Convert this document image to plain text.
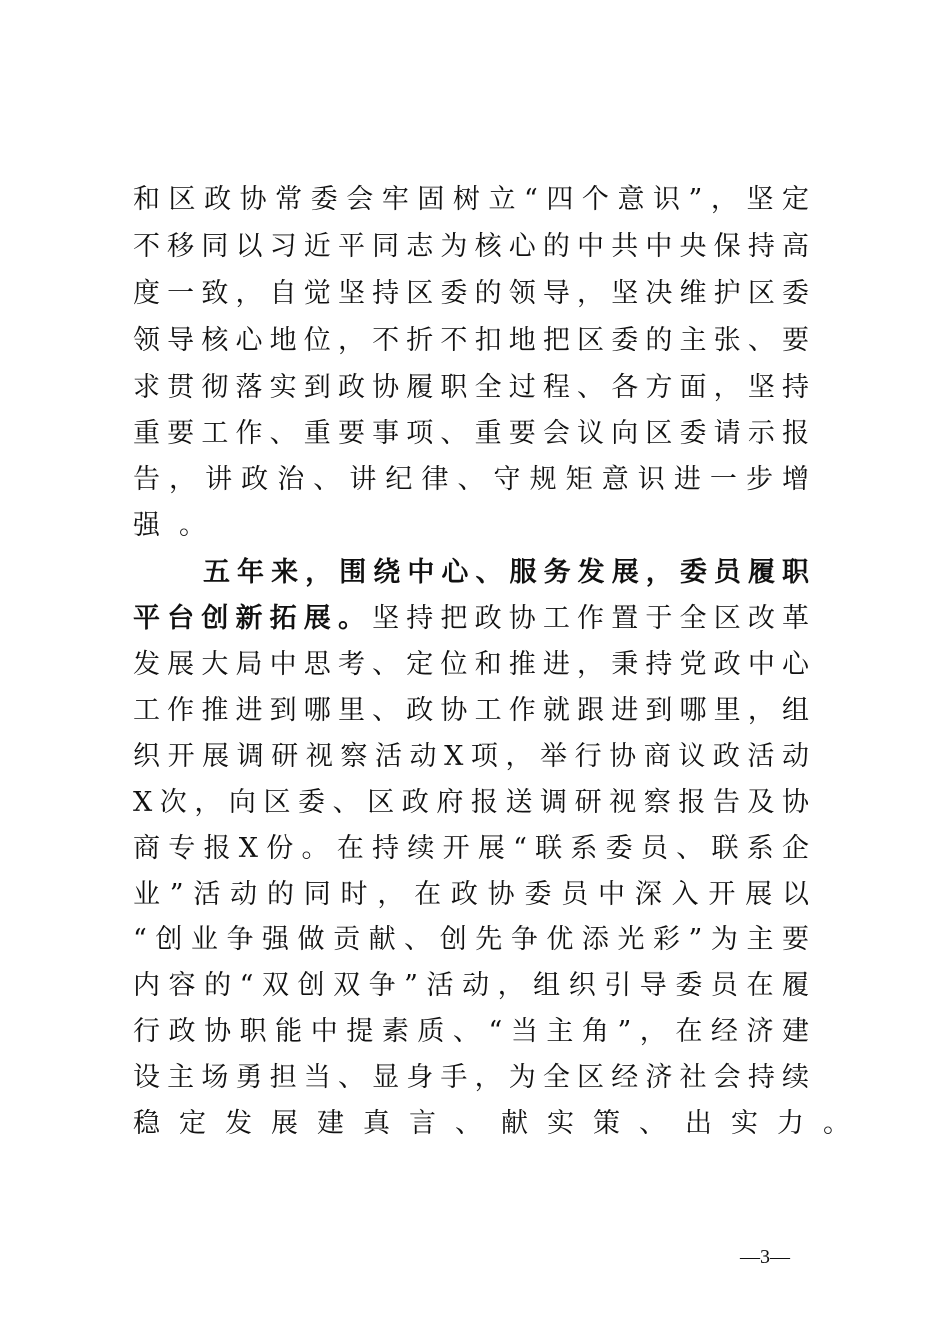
和区政协常委会牢固树立“四个意识”，坚定
不移同以习近平同志为核心的中共中央保持高
度一致，自觉坚持区委的领导，坚决维护区委
领导核心地位，不折不扣地把区委的主张、要
求贯彻落实到政协履职全过程、各方面，坚持
重要工作、重要事项、重要会议向区委请示报
告，讲政治、讲纪律、守规矩意识进一步增
强。
五年来，围绕中心、服务发展，委员履职
平台创新拓展。坚持把政协工作置于全区改革
发展大局中思考、定位和推进，秉持党政中心
工作推进到哪里、政协工作就跟进到哪里，组
织开展调研视察活动X项，举行协商议政活动
X次，向区委、区政府报送调研视察报告及协
商专报X份。在持续开展“联系委员、联系企
业”活动的同时，在政协委员中深入开展以
“创业争强做贡献、创先争优添光彩”为主要
内容的“双创双争”活动，组织引导委员在履
行政协职能中提素质、“当主角”，在经济建
设主场勇担当、显身手，为全区经济社会持续
稳定发展建真言、献实策、出实力。
—3—
